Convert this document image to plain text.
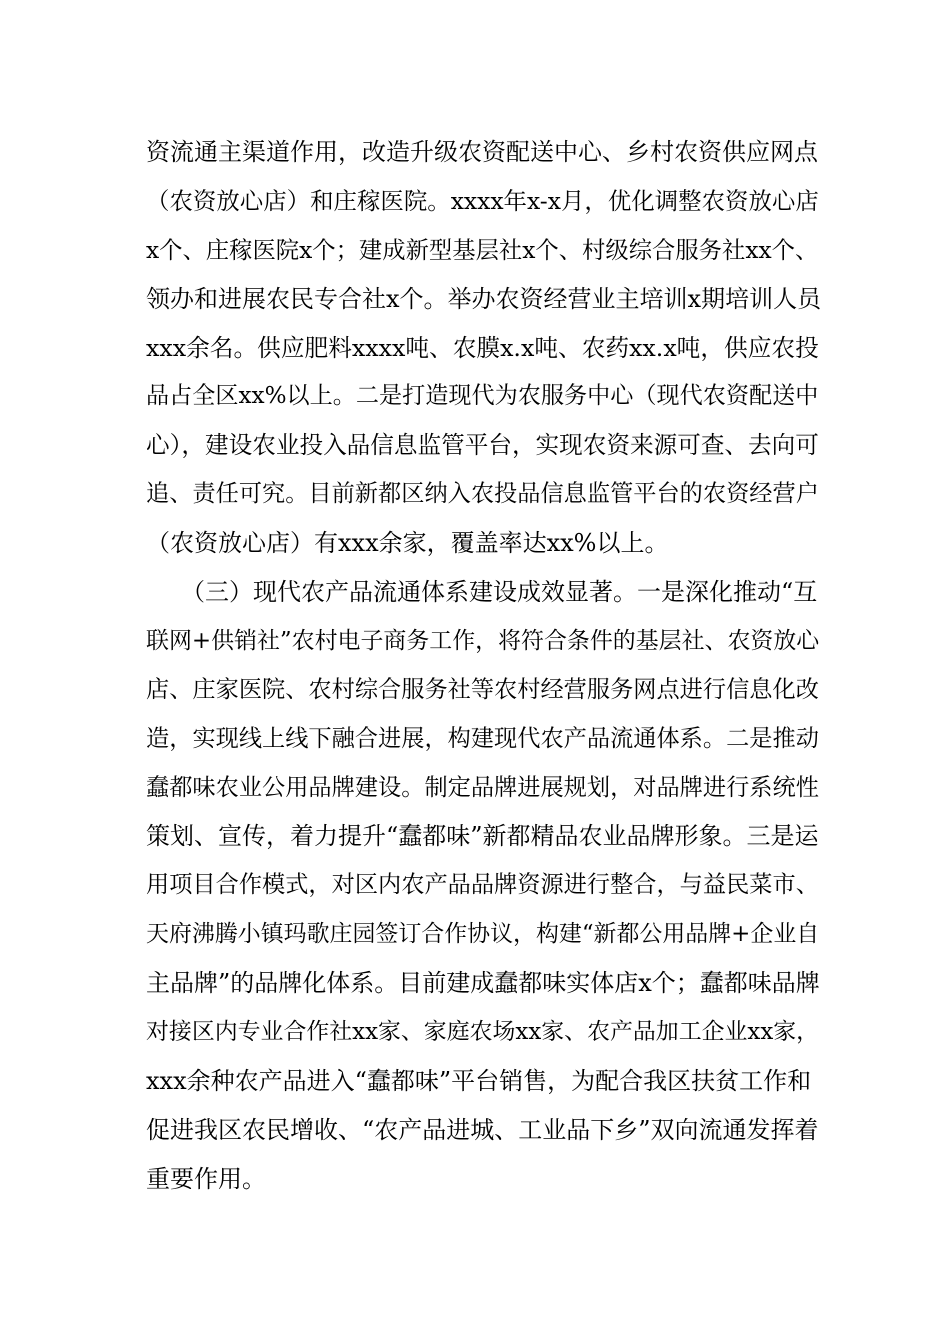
资流通主渠道作用，改造升级农资配送中心、乡村农资供应网点
（农资放心店）和庄稼医院。xxxx年x-x月，优化调整农资放心店
x个、庄稼医院x个；建成新型基层社x个、村级综合服务社xx个、
领办和进展农民专合社x个。举办农资经营业主培训x期培训人员
xxx余名。供应肥料xxxx吨、农膜x.x吨、农药xx.x吨，供应农投
品占全区xx%以上。二是打造现代为农服务中心（现代农资配送中
心），建设农业投入品信息监管平台，实现农资来源可查、去向可
追、责任可究。目前新都区纳入农投品信息监管平台的农资经营户
（农资放心店）有xxx余家，覆盖率达xx%以上。
（三）现代农产品流通体系建设成效显著。一是深化推动“互
联网+供销社”农村电子商务工作，将符合条件的基层社、农资放心
店、庄家医院、农村综合服务社等农村经营服务网点进行信息化改
造，实现线上线下融合进展，构建现代农产品流通体系。二是推动
蠢都味农业公用品牌建设。制定品牌进展规划，对品牌进行系统性
策划、宣传，着力提升“蠢都味”新都精品农业品牌形象。三是运
用项目合作模式，对区内农产品品牌资源进行整合，与益民菜市、
天府沸腾小镇玛歌庄园签订合作协议，构建“新都公用品牌+企业自
主品牌”的品牌化体系。目前建成蠢都味实体店x个；蠢都味品牌
对接区内专业合作社xx家、家庭农场xx家、农产品加工企业xx家，
xxx余种农产品进入“蠢都味”平台销售，为配合我区扶贫工作和
促进我区农民增收、“农产品进城、工业品下乡”双向流通发挥着
重要作用。
